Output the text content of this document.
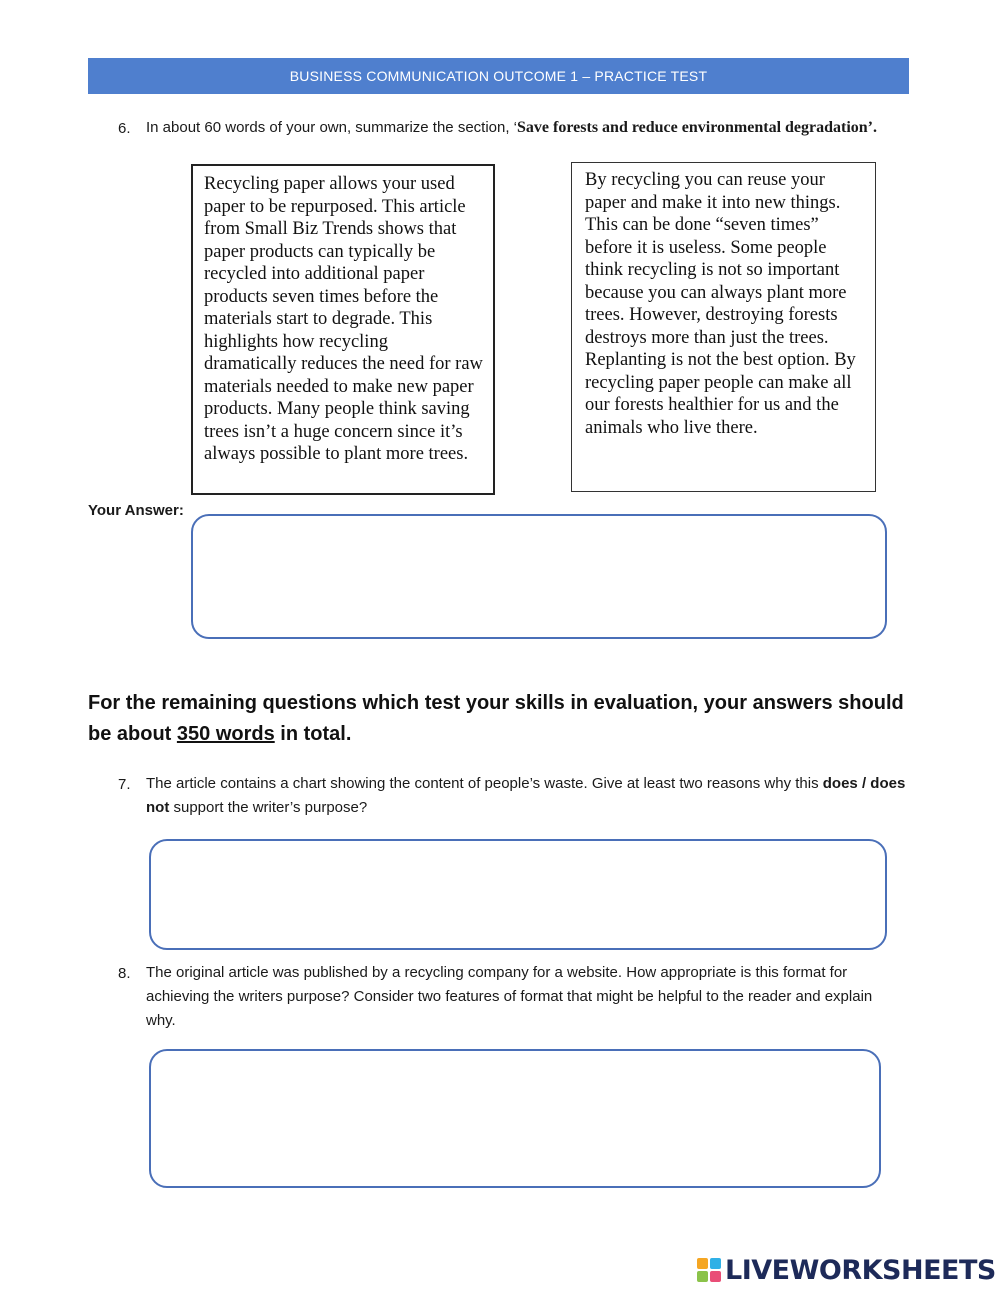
BUSINESS COMMUNICATION OUTCOME 1 – PRACTICE TEST
6. In about 60 words of your own, summarize the section, ‘Save forests and reduce environmental degradation’.
Recycling paper allows your used paper to be repurposed. This article from Small Biz Trends shows that paper products can typically be recycled into additional paper products seven times before the materials start to degrade. This highlights how recycling dramatically reduces the need for raw materials needed to make new paper products. Many people think saving trees isn’t a huge concern since it’s always possible to plant more trees.
By recycling you can reuse your paper and make it into new things. This can be done “seven times” before it is useless. Some people think recycling is not so important because you can always plant more trees. However, destroying forests destroys more than just the trees. Replanting is not the best option. By recycling paper people can make all our forests healthier for us and the animals who live there.
Your Answer:
For the remaining questions which test your skills in evaluation, your answers should be about 350 words in total.
7. The article contains a chart showing the content of people’s waste. Give at least two reasons why this does / does not support the writer’s purpose?
8. The original article was published by a recycling company for a website. How appropriate is this format for achieving the writers purpose? Consider two features of format that might be helpful to the reader and explain why.
LIVEWORKSHEETS
